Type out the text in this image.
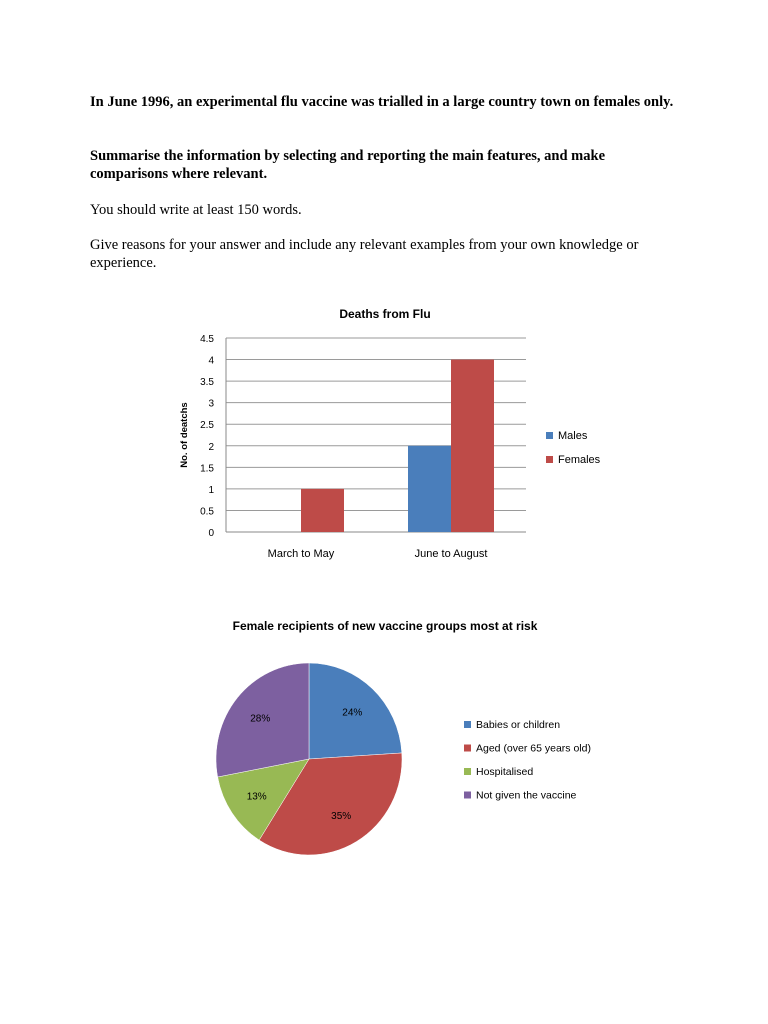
In June 1996, an experimental flu vaccine was trialled in a large country town on females only.
Summarise the information by selecting and reporting the main features, and make comparisons where relevant.
You should write at least 150 words.
Give reasons for your answer and include any relevant examples from your own knowledge or experience.
Deaths from Flu
0
0.5
1
1.5
2
2.5
3
3.5
4
4.5
No. of deatchs
March to May	June to August
Males
Females
Female recipients of new vaccine groups most at risk
24%
35%
13%
28%
Babies or children
Aged (over 65 years old)
Hospitalised
Not given the vaccine
